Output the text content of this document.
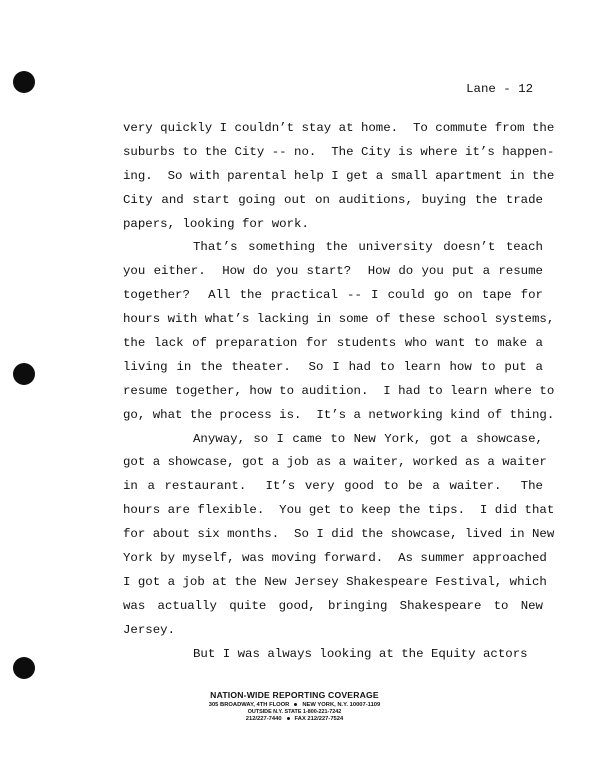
Lane - 12
very quickly I couldn’t stay at home.  To commute from the
suburbs to the City -- no.  The City is where it’s happen-
ing.  So with parental help I get a small apartment in the
City and start going out on auditions, buying the trade
papers, looking for work.
That’s something the university doesn’t teach
you either.  How do you start?  How do you put a resume
together?  All the practical -- I could go on tape for
hours with what’s lacking in some of these school systems,
the lack of preparation for students who want to make a
living in the theater.  So I had to learn how to put a
resume together, how to audition.  I had to learn where to
go, what the process is.  It’s a networking kind of thing.
Anyway, so I came to New York, got a showcase,
got a showcase, got a job as a waiter, worked as a waiter
in a restaurant.  It’s very good to be a waiter.  The
hours are flexible.  You get to keep the tips.  I did that
for about six months.  So I did the showcase, lived in New
York by myself, was moving forward.  As summer approached
I got a job at the New Jersey Shakespeare Festival, which
was actually quite good, bringing Shakespeare to New
Jersey.
But I was always looking at the Equity actors
NATION-WIDE REPORTING COVERAGE
305 BROADWAY, 4TH FLOOR NEW YORK, N.Y. 10007-1109
OUTSIDE N.Y. STATE 1-800-221-7242
212/227-7440 FAX 212/227-7524
